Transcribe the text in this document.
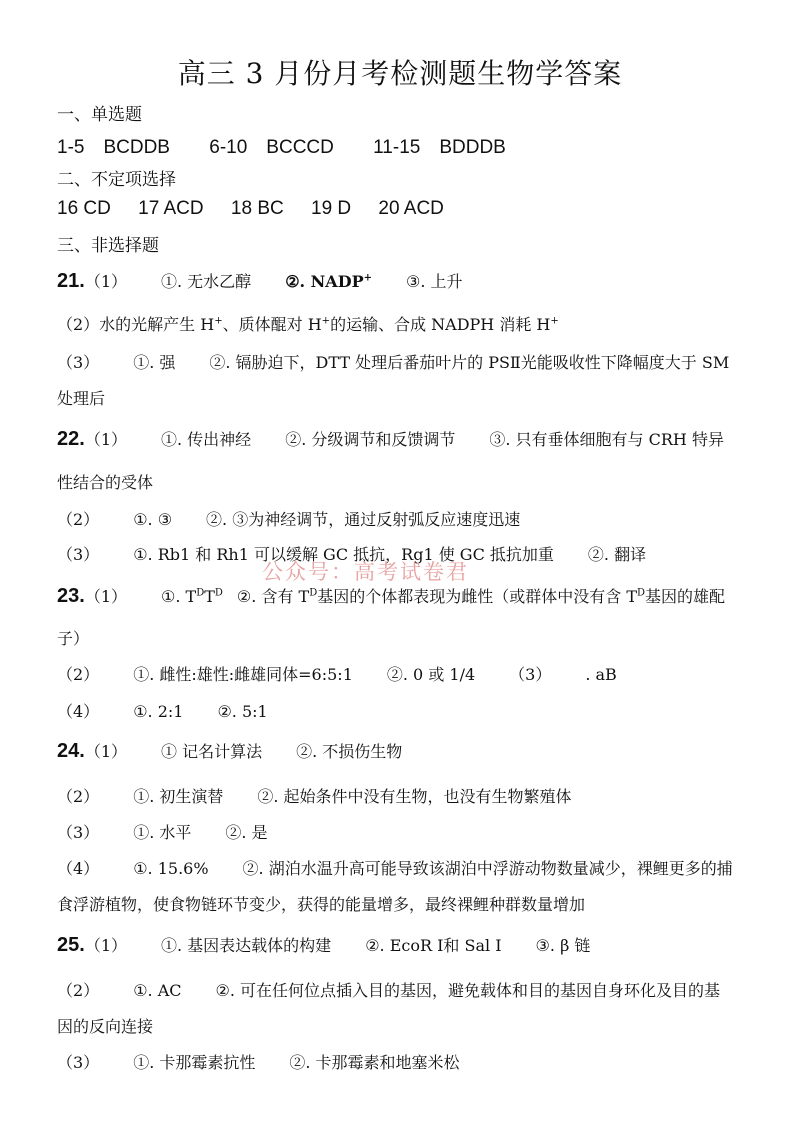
高三 3 月份月考检测题生物学答案
一、单选题
1-5　BCDDB 6-10　BCCCD 11-15　BDDDB
二、不定项选择
16 CD 17 ACD 18 BC 19 D 20 ACD
三、非选择题
21.（1） ①. 无水乙醇 ②. NADP+ ③. 上升
（2）水的光解产生 H+、质体醌对 H+的运输、合成 NADPH 消耗 H+
（3） ①. 强 ②. 镉胁迫下，DTT 处理后番茄叶片的 PSⅡ光能吸收性下降幅度大于 SM
处理后
22.（1） ①. 传出神经 ②. 分级调节和反馈调节 ③. 只有垂体细胞有与 CRH 特异
性结合的受体
（2） ①. ③ ②. ③为神经调节，通过反射弧反应速度迅速
（3） ①. Rb1 和 Rh1 可以缓解 GC 抵抗，Rg1 使 GC 抵抗加重 ②. 翻译
公众号：高考试卷君
23.（1） ①. $T^DT^D$ ②. 含有 $T^D$基因的个体都表现为雌性（或群体中没有含 $T^D$基因的雄配
子）
（2） ①. 雌性:雄性:雌雄同体=6:5:1 ②. 0 或 1/4 （3） . aB
（4） ①. 2:1 ②. 5:1
24.（1） ① 记名计算法 ②. 不损伤生物
（2） ①. 初生演替 ②. 起始条件中没有生物，也没有生物繁殖体
（3） ①. 水平 ②. 是
（4） ①. 15.6% ②. 湖泊水温升高可能导致该湖泊中浮游动物数量减少，裸鲤更多的捕
食浮游植物，使食物链环节变少，获得的能量增多，最终裸鲤种群数量增加
25.（1） ①. 基因表达载体的构建 ②. EcoR Ⅰ和 Sal Ⅰ ③. β 链
（2） ①. AC ②. 可在任何位点插入目的基因，避免载体和目的基因自身环化及目的基
因的反向连接
（3） ①. 卡那霉素抗性 ②. 卡那霉素和地塞米松
